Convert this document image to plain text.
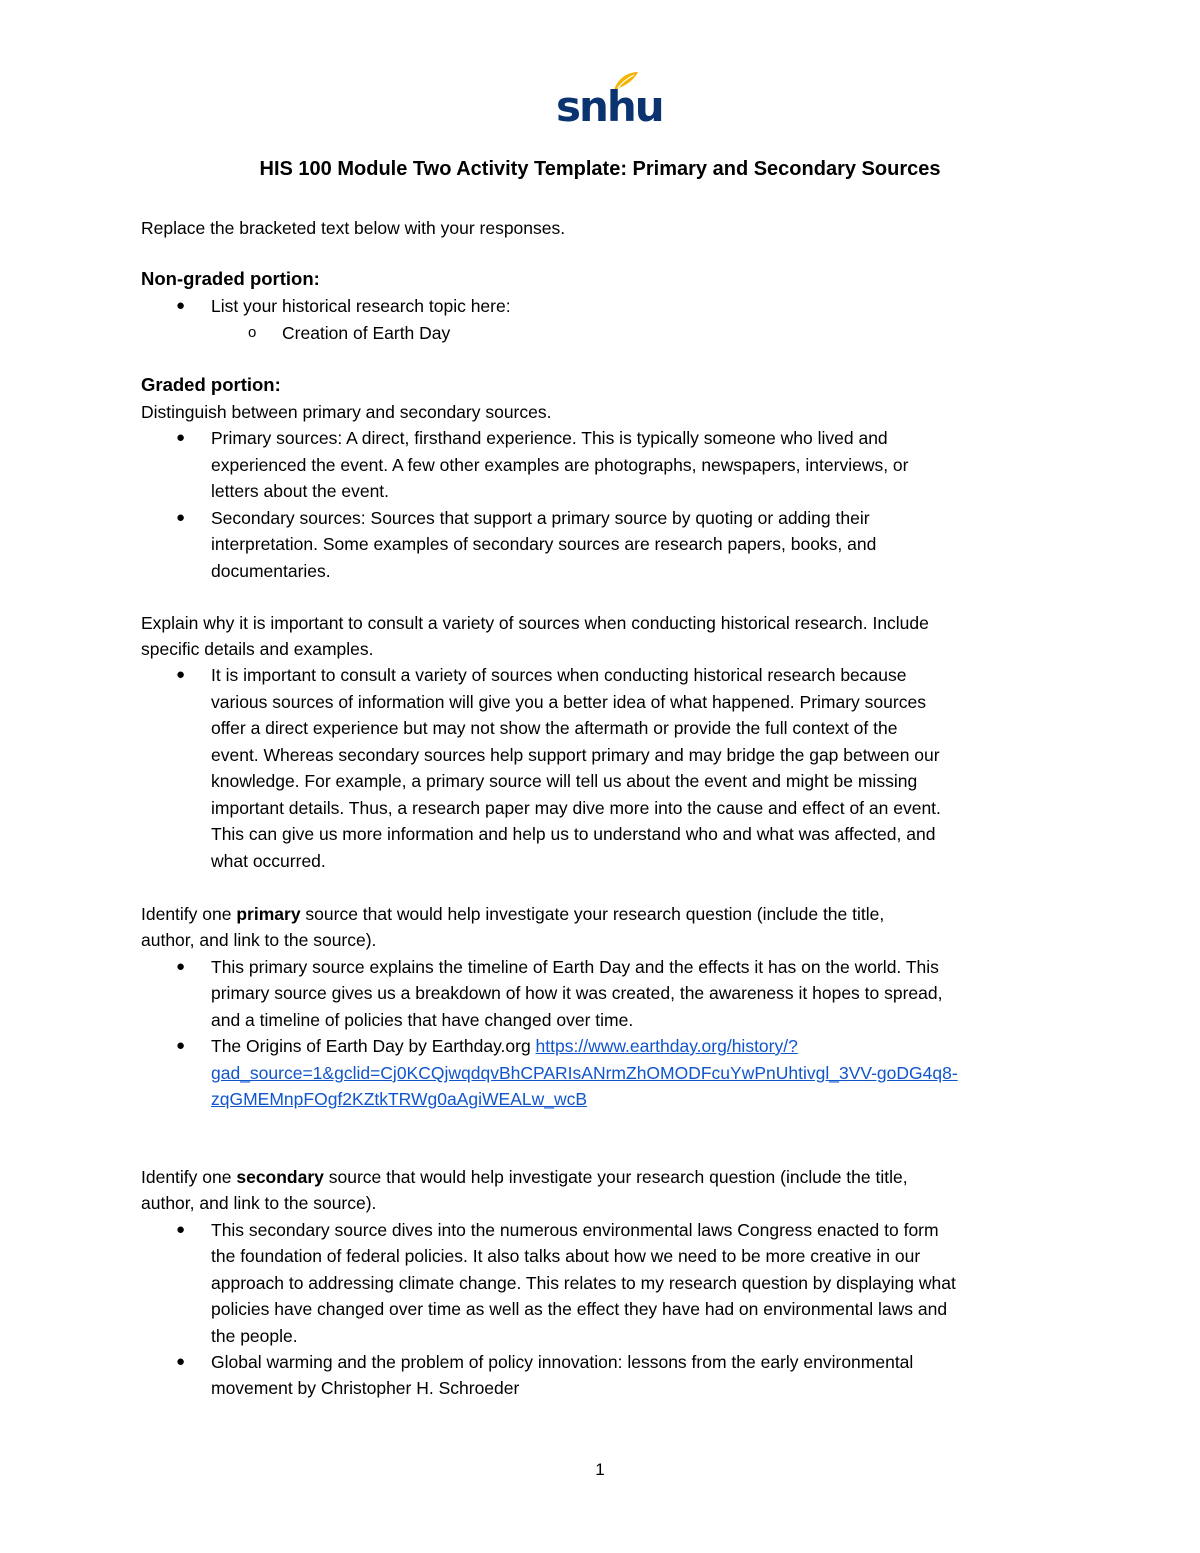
snhu
HIS 100 Module Two Activity Template: Primary and Secondary Sources
Replace the bracketed text below with your responses.
Non-graded portion:
● List your historical research topic here:
o Creation of Earth Day
Graded portion:
Distinguish between primary and secondary sources.
● Primary sources: A direct, firsthand experience. This is typically someone who lived and
experienced the event. A few other examples are photographs, newspapers, interviews, or
letters about the event.
● Secondary sources: Sources that support a primary source by quoting or adding their
interpretation. Some examples of secondary sources are research papers, books, and
documentaries.
Explain why it is important to consult a variety of sources when conducting historical research. Include
specific details and examples.
● It is important to consult a variety of sources when conducting historical research because
various sources of information will give you a better idea of what happened. Primary sources
offer a direct experience but may not show the aftermath or provide the full context of the
event. Whereas secondary sources help support primary and may bridge the gap between our
knowledge. For example, a primary source will tell us about the event and might be missing
important details. Thus, a research paper may dive more into the cause and effect of an event.
This can give us more information and help us to understand who and what was affected, and
what occurred.
Identify one primary source that would help investigate your research question (include the title,
author, and link to the source).
● This primary source explains the timeline of Earth Day and the effects it has on the world. This
primary source gives us a breakdown of how it was created, the awareness it hopes to spread,
and a timeline of policies that have changed over time.
● The Origins of Earth Day by Earthday.org https://www.earthday.org/history/?
gad_source=1&gclid=Cj0KCQjwqdqvBhCPARIsANrmZhOMODFcuYwPnUhtivgl_3VV-goDG4q8-
zqGMEMnpFOgf2KZtkTRWg0aAgiWEALw_wcB
Identify one secondary source that would help investigate your research question (include the title,
author, and link to the source).
● This secondary source dives into the numerous environmental laws Congress enacted to form
the foundation of federal policies. It also talks about how we need to be more creative in our
approach to addressing climate change. This relates to my research question by displaying what
policies have changed over time as well as the effect they have had on environmental laws and
the people.
● Global warming and the problem of policy innovation: lessons from the early environmental
movement by Christopher H. Schroeder
1
